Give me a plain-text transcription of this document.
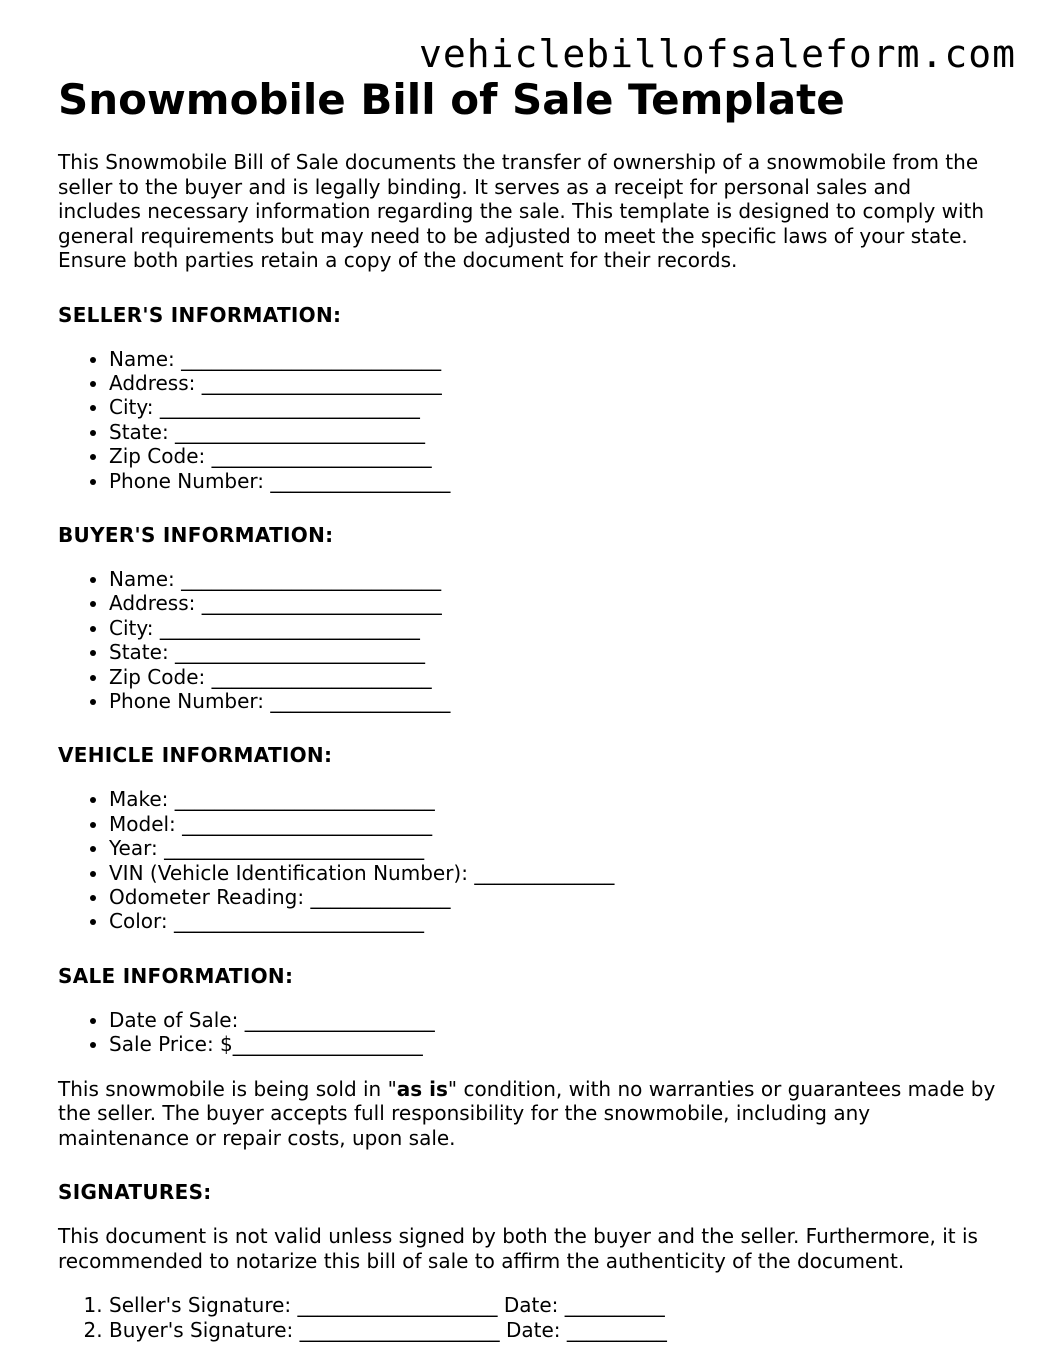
vehiclebillofsaleform.com
Snowmobile Bill of Sale Template

This Snowmobile Bill of Sale documents the transfer of ownership of a snowmobile from the seller to the buyer and is legally binding. It serves as a receipt for personal sales and includes necessary information regarding the sale. This template is designed to comply with general requirements but may need to be adjusted to meet the specific laws of your state. Ensure both parties retain a copy of the document for their records.

SELLER'S INFORMATION:
• Name: __________________________
• Address: ________________________
• City: __________________________
• State: _________________________
• Zip Code: ______________________
• Phone Number: __________________
BUYER'S INFORMATION:
• Name: __________________________
• Address: ________________________
• City: __________________________
• State: _________________________
• Zip Code: ______________________
• Phone Number: __________________
VEHICLE INFORMATION:
• Make: __________________________
• Model: _________________________
• Year: __________________________
• VIN (Vehicle Identification Number): ______________
• Odometer Reading: ______________
• Color: _________________________
SALE INFORMATION:
• Date of Sale: ___________________
• Sale Price: $___________________

This snowmobile is being sold in "as is" condition, with no warranties or guarantees made by the seller. The buyer accepts full responsibility for the snowmobile, including any maintenance or repair costs, upon sale.

SIGNATURES:

This document is not valid unless signed by both the buyer and the seller. Furthermore, it is recommended to notarize this bill of sale to affirm the authenticity of the document.

1. Seller's Signature: ____________________ Date: __________
2. Buyer's Signature: ____________________ Date: __________
